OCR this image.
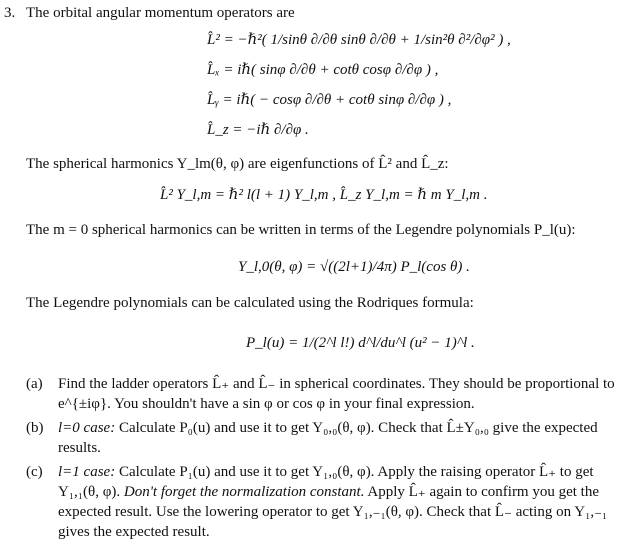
3. The orbital angular momentum operators are
L̂² = −ℏ²( 1/sinθ ∂/∂θ sinθ ∂/∂θ + 1/sin²θ ∂²/∂φ² ) ,
L̂ₓ = iℏ( sinφ ∂/∂θ + cotθ cosφ ∂/∂φ ) ,
L̂ᵧ = iℏ( − cosφ ∂/∂θ + cotθ sinφ ∂/∂φ ) ,
L̂_z = −iℏ ∂/∂φ .
The spherical harmonics Y_lm(θ, φ) are eigenfunctions of L̂² and L̂_z:
L̂² Y_l,m = ℏ² l(l + 1) Y_l,m , L̂_z Y_l,m = ℏ m Y_l,m .
The m = 0 spherical harmonics can be written in terms of the Legendre polynomials P_l(u):
Y_l,0(θ, φ) = √((2l+1)/4π) P_l(cos θ) .
The Legendre polynomials can be calculated using the Rodriques formula:
P_l(u) = 1/(2^l l!) d^l/du^l (u² − 1)^l .
(a) Find the ladder operators L̂₊ and L̂₋ in spherical coordinates. They should be proportional to e^{±iφ}. You shouldn't have a sin φ or cos φ in your final expression.
(b) l=0 case: Calculate P₀(u) and use it to get Y₀,₀(θ, φ). Check that L̂±Y₀,₀ give the expected results.
(c) l=1 case: Calculate P₁(u) and use it to get Y₁,₀(θ, φ). Apply the raising operator L̂₊ to get Y₁,₁(θ, φ). Don't forget the normalization constant. Apply L̂₊ again to confirm you get the expected result. Use the lowering operator to get Y₁,₋₁(θ, φ). Check that L̂₋ acting on Y₁,₋₁ gives the expected result.
